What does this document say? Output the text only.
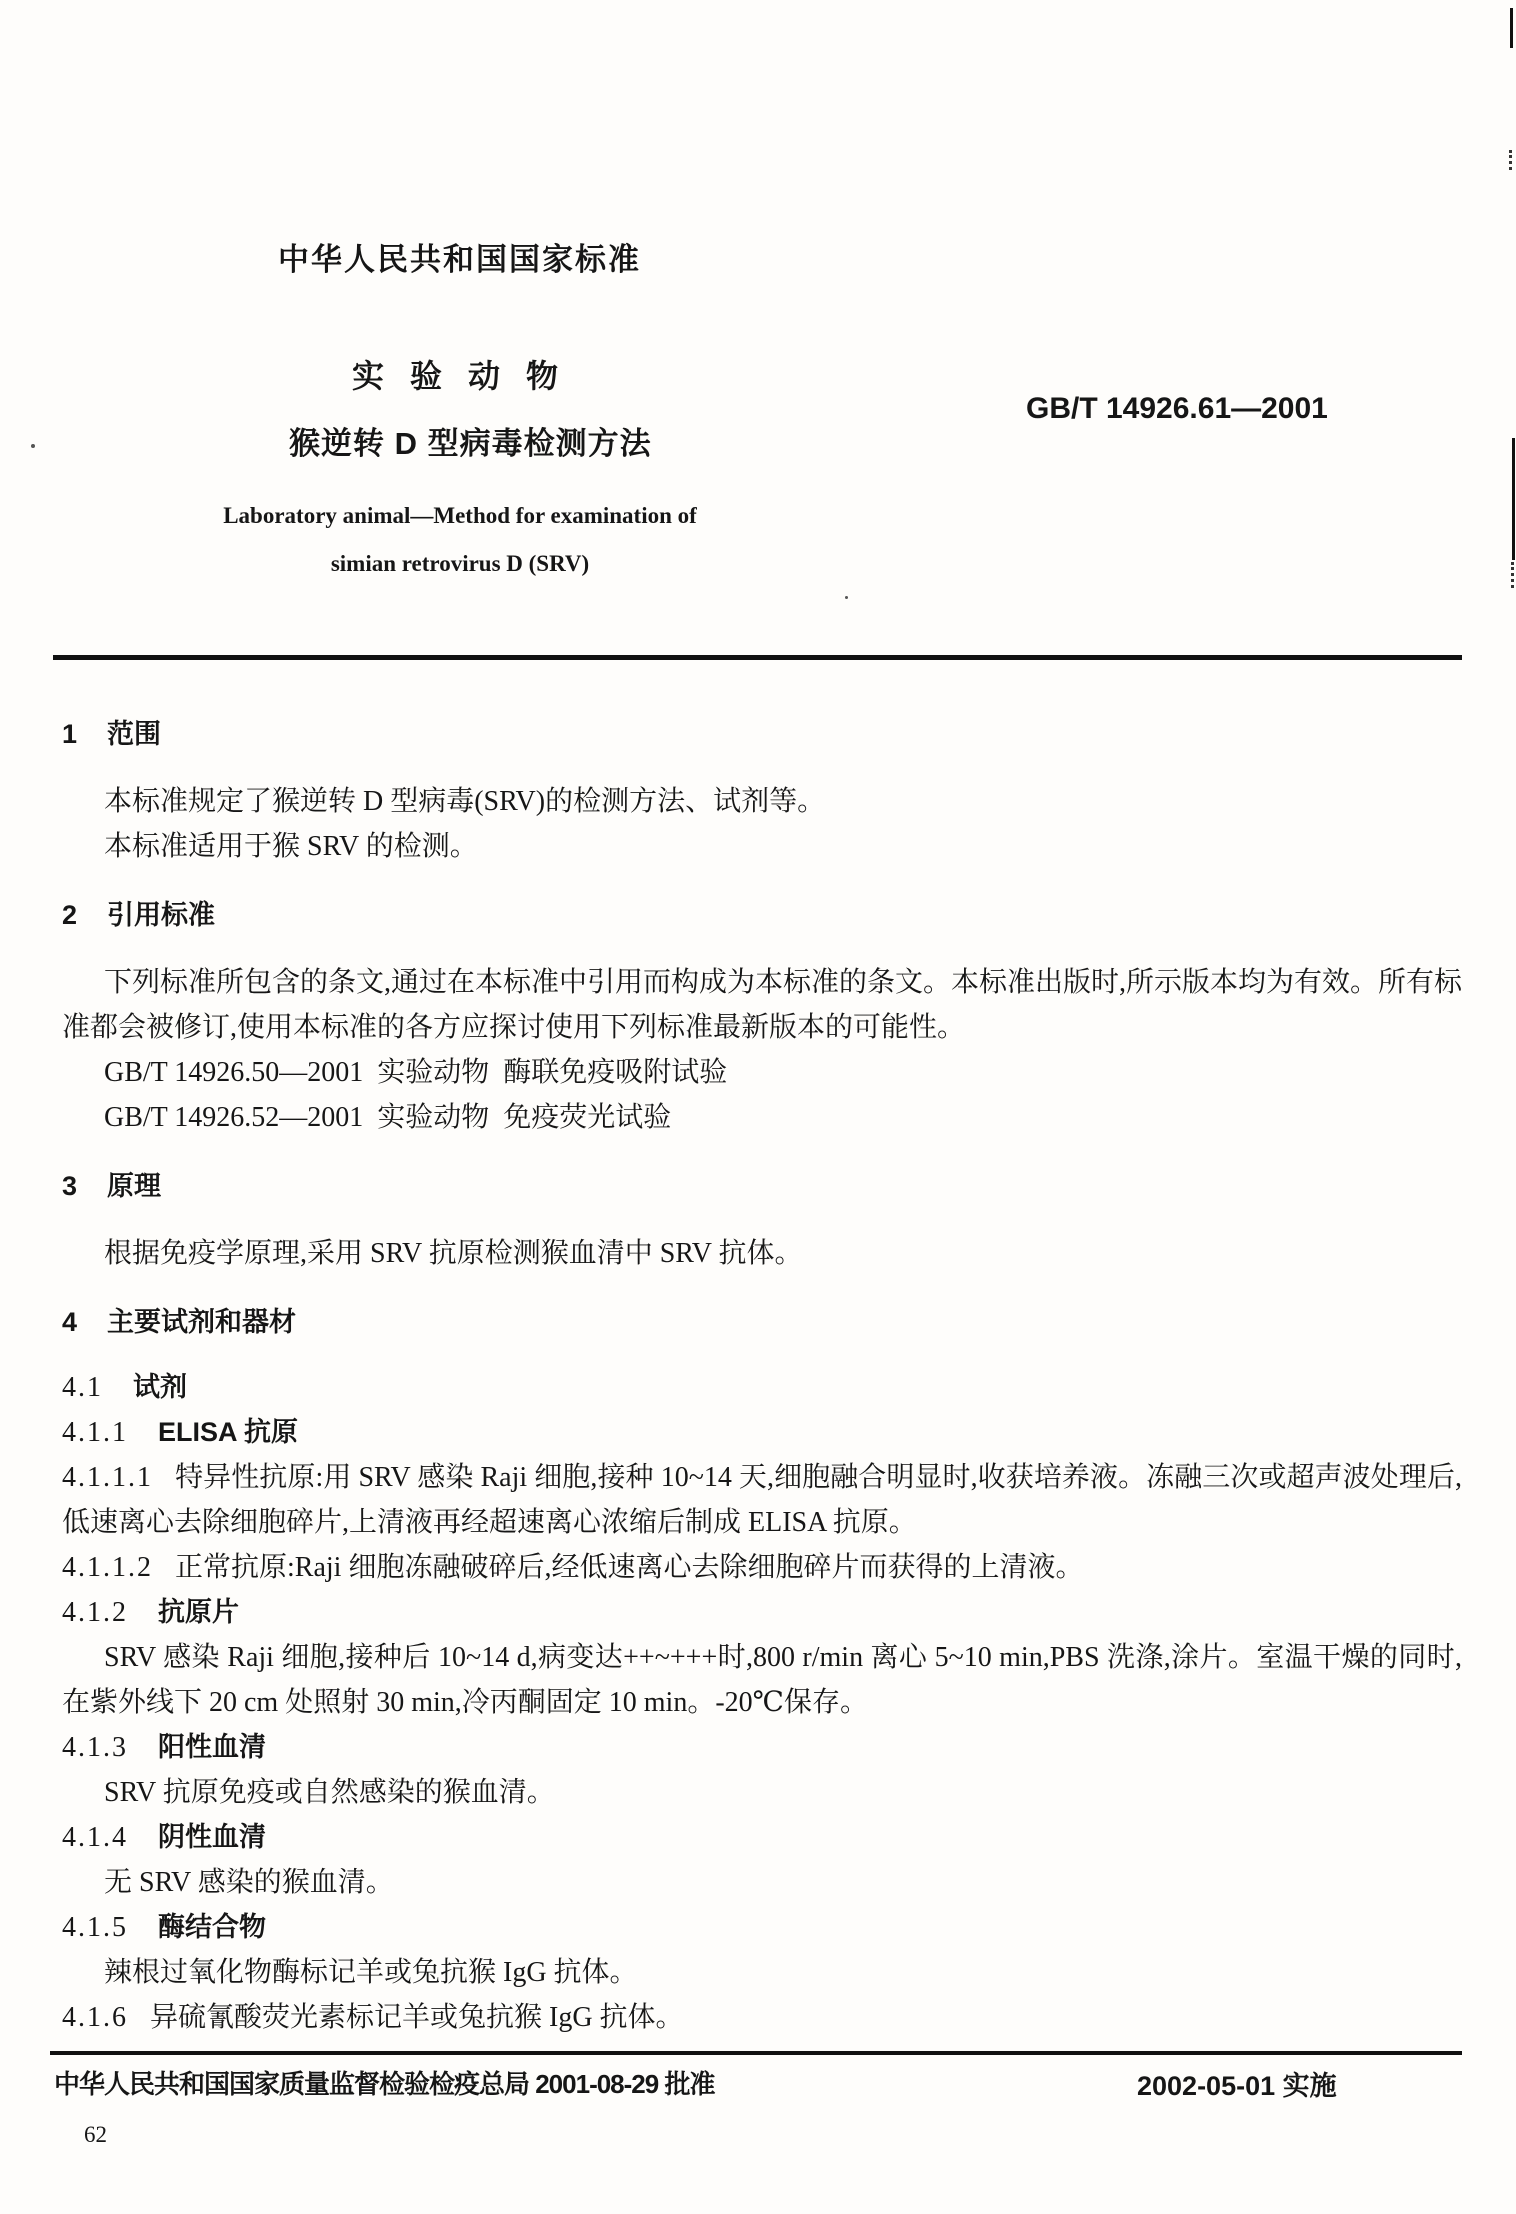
中华人民共和国国家标准
实验动物
猴逆转 D 型病毒检测方法
GB/T 14926.61—2001
Laboratory animal—Method for examination of
simian retrovirus D (SRV)
1 范围

本标准规定了猴逆转 D 型病毒(SRV)的检测方法、试剂等。

本标准适用于猴 SRV 的检测。

2 引用标准

下列标准所包含的条文,通过在本标准中引用而构成为本标准的条文。本标准出版时,所示版本均为有效。所有标准都会被修订,使用本标准的各方应探讨使用下列标准最新版本的可能性。

GB/T 14926.50—2001  实验动物  酶联免疫吸附试验

GB/T 14926.52—2001  实验动物  免疫荧光试验

3 原理

根据免疫学原理,采用 SRV 抗原检测猴血清中 SRV 抗体。

4 主要试剂和器材
4.1 试剂
4.1.1 ELISA 抗原

4.1.1.1 特异性抗原:用 SRV 感染 Raji 细胞,接种 10~14 天,细胞融合明显时,收获培养液。冻融三次或超声波处理后,低速离心去除细胞碎片,上清液再经超速离心浓缩后制成 ELISA 抗原。

4.1.1.2 正常抗原:Raji 细胞冻融破碎后,经低速离心去除细胞碎片而获得的上清液。

4.1.2 抗原片

SRV 感染 Raji 细胞,接种后 10~14 d,病变达++~+++时,800 r/min 离心 5~10 min,PBS 洗涤,涂片。室温干燥的同时,在紫外线下 20 cm 处照射 30 min,冷丙酮固定 10 min。-20℃保存。

4.1.3 阳性血清

SRV 抗原免疫或自然感染的猴血清。

4.1.4 阴性血清

无 SRV 感染的猴血清。

4.1.5 酶结合物

辣根过氧化物酶标记羊或兔抗猴 IgG 抗体。

4.1.6 异硫氰酸荧光素标记羊或兔抗猴 IgG 抗体。

中华人民共和国国家质量监督检验检疫总局 2001-08-29 批准	2002-05-01 实施
62
